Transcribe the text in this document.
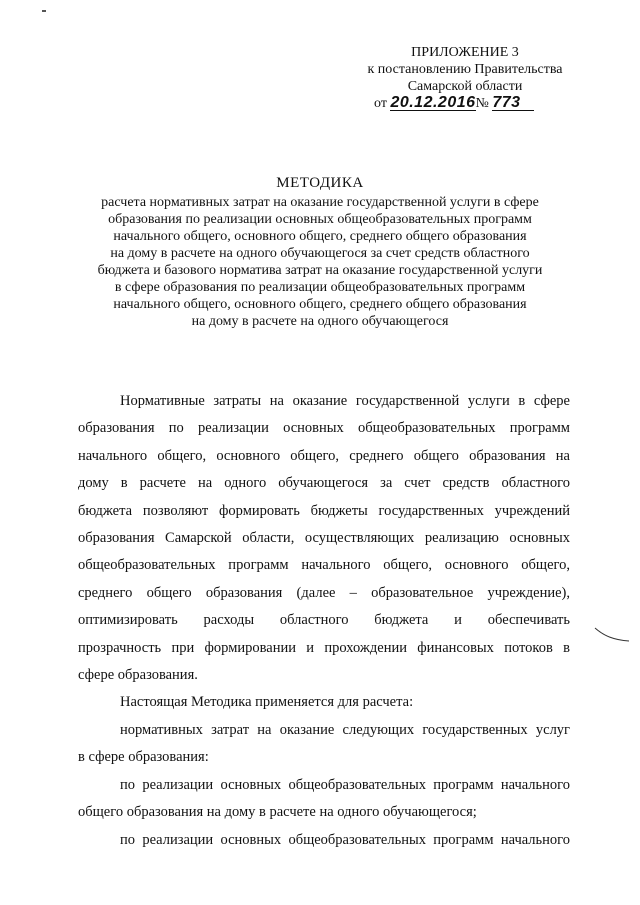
ПРИЛОЖЕНИЕ 3
к постановлению Правительства
Самарской области
от 20.12.2016№ 773
МЕТОДИКА
расчета нормативных затрат на оказание государственной услуги в сфере
образования по реализации основных общеобразовательных программ
начального общего, основного общего, среднего общего образования
на дому в расчете на одного обучающегося за счет средств областного
бюджета и базового норматива затрат на оказание государственной услуги
в сфере образования по реализации общеобразовательных программ
начального общего, основного общего, среднего общего образования
на дому в расчете на одного обучающегося
Нормативные затраты на оказание государственной услуги в сфере
образования по реализации основных общеобразовательных программ
начального общего, основного общего, среднего общего образования на
дому в расчете на одного обучающегося за счет средств областного
бюджета позволяют формировать бюджеты государственных учреждений
образования Самарской области, осуществляющих реализацию основных
общеобразовательных программ начального общего, основного общего,
среднего общего образования (далее – образовательное учреждение),
оптимизировать расходы областного бюджета и обеспечивать
прозрачность при формировании и прохождении финансовых потоков в
сфере образования.
Настоящая Методика применяется для расчета:
нормативных затрат на оказание следующих государственных услуг
в сфере образования:
по реализации основных общеобразовательных программ начального
общего образования на дому в расчете на одного обучающегося;
по реализации основных общеобразовательных программ начального
